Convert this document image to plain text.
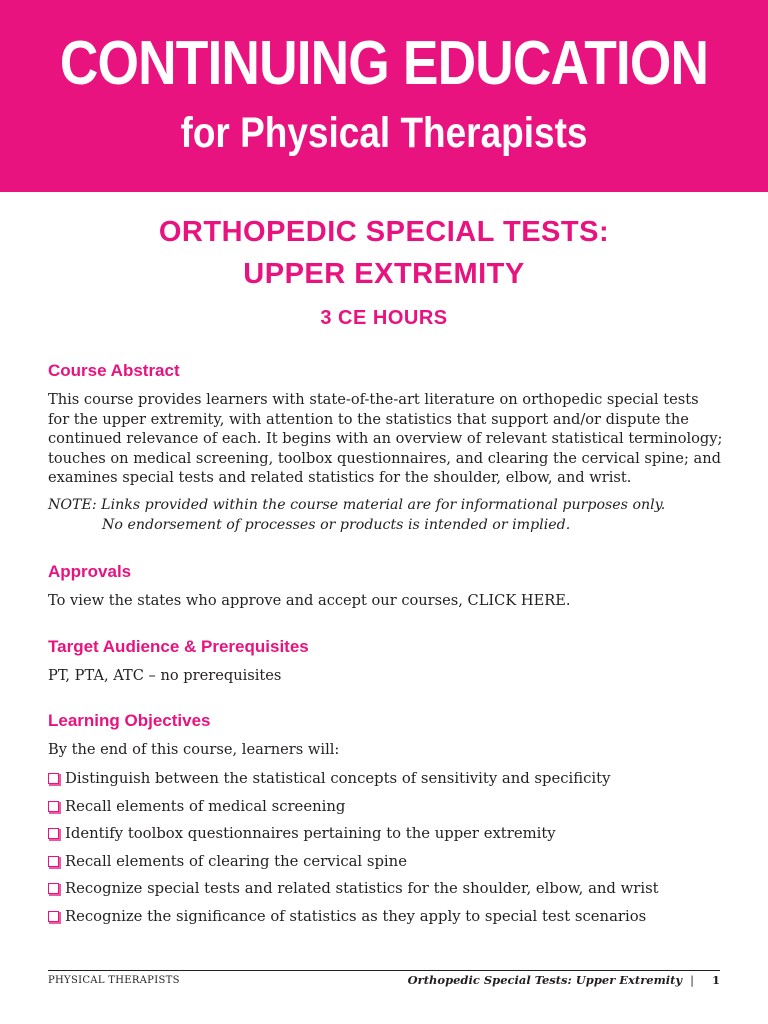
CONTINUING EDUCATION
for Physical Therapists
ORTHOPEDIC SPECIAL TESTS:
UPPER EXTREMITY
3 CE HOURS
Course Abstract
This course provides learners with state-of-the-art literature on orthopedic special tests
for the upper extremity, with attention to the statistics that support and/or dispute the
continued relevance of each. It begins with an overview of relevant statistical terminology;
touches on medical screening, toolbox questionnaires, and clearing the cervical spine; and
examines special tests and related statistics for the shoulder, elbow, and wrist.
NOTE: Links provided within the course material are for informational purposes only.
No endorsement of processes or products is intended or implied.
Approvals
To view the states who approve and accept our courses, CLICK HERE.
Target Audience & Prerequisites
PT, PTA, ATC – no prerequisites
Learning Objectives
By the end of this course, learners will:
Distinguish between the statistical concepts of sensitivity and specificity
Recall elements of medical screening
Identify toolbox questionnaires pertaining to the upper extremity
Recall elements of clearing the cervical spine
Recognize special tests and related statistics for the shoulder, elbow, and wrist
Recognize the significance of statistics as they apply to special test scenarios
PHYSICAL THERAPISTS	Orthopedic Special Tests: Upper Extremity | 1
